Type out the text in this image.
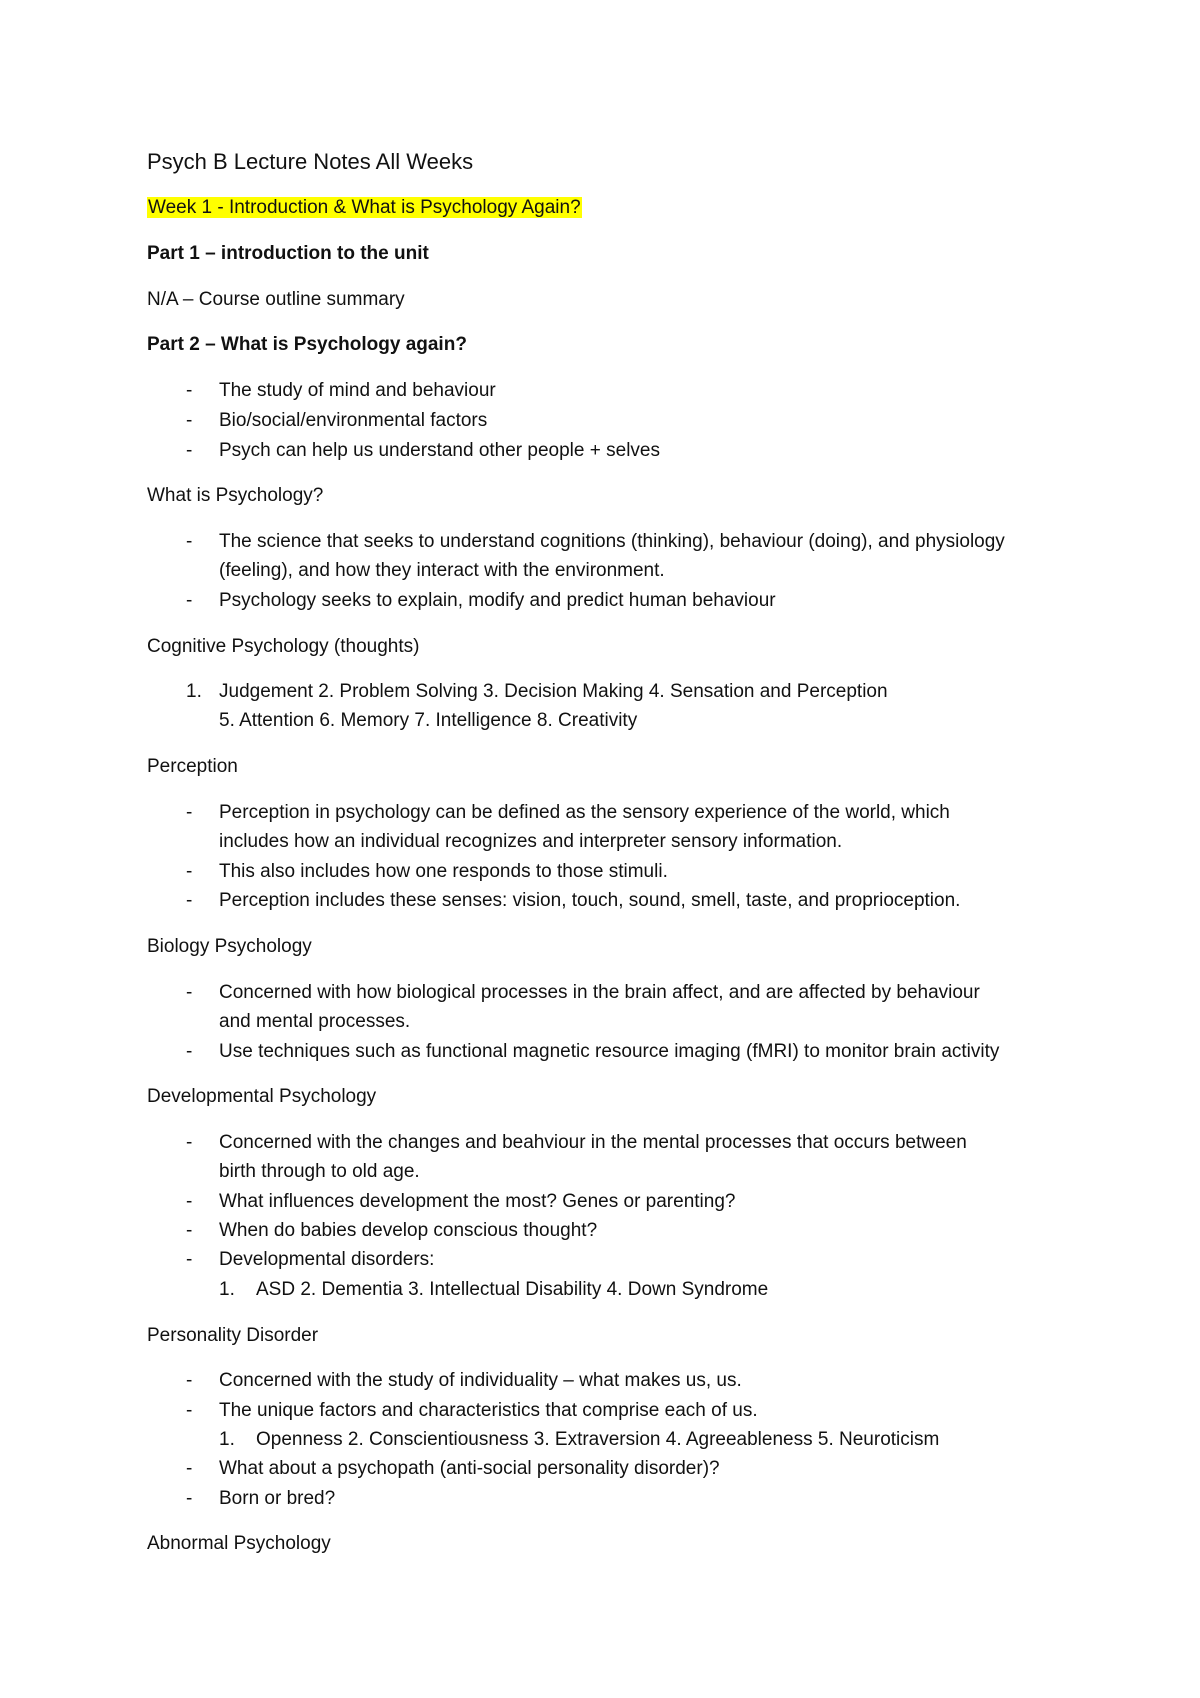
Psych B Lecture Notes All Weeks
Week 1 - Introduction & What is Psychology Again?
Part 1 – introduction to the unit
N/A – Course outline summary
Part 2 – What is Psychology again?
- The study of mind and behaviour
- Bio/social/environmental factors
- Psych can help us understand other people + selves
What is Psychology?
- The science that seeks to understand cognitions (thinking), behaviour (doing), and physiology
(feeling), and how they interact with the environment.
- Psychology seeks to explain, modify and predict human behaviour
Cognitive Psychology (thoughts)
1. Judgement 2. Problem Solving 3. Decision Making 4. Sensation and Perception
5. Attention 6. Memory 7. Intelligence 8. Creativity
Perception
- Perception in psychology can be defined as the sensory experience of the world, which
includes how an individual recognizes and interpreter sensory information.
- This also includes how one responds to those stimuli.
- Perception includes these senses: vision, touch, sound, smell, taste, and proprioception.
Biology Psychology
- Concerned with how biological processes in the brain affect, and are affected by behaviour
and mental processes.
- Use techniques such as functional magnetic resource imaging (fMRI) to monitor brain activity
Developmental Psychology
- Concerned with the changes and beahviour in the mental processes that occurs between
birth through to old age.
- What influences development the most? Genes or parenting?
- When do babies develop conscious thought?
- Developmental disorders:
1. ASD 2. Dementia 3. Intellectual Disability 4. Down Syndrome
Personality Disorder
- Concerned with the study of individuality – what makes us, us.
- The unique factors and characteristics that comprise each of us.
1. Openness 2. Conscientiousness 3. Extraversion 4. Agreeableness 5. Neuroticism
- What about a psychopath (anti-social personality disorder)?
- Born or bred?
Abnormal Psychology
